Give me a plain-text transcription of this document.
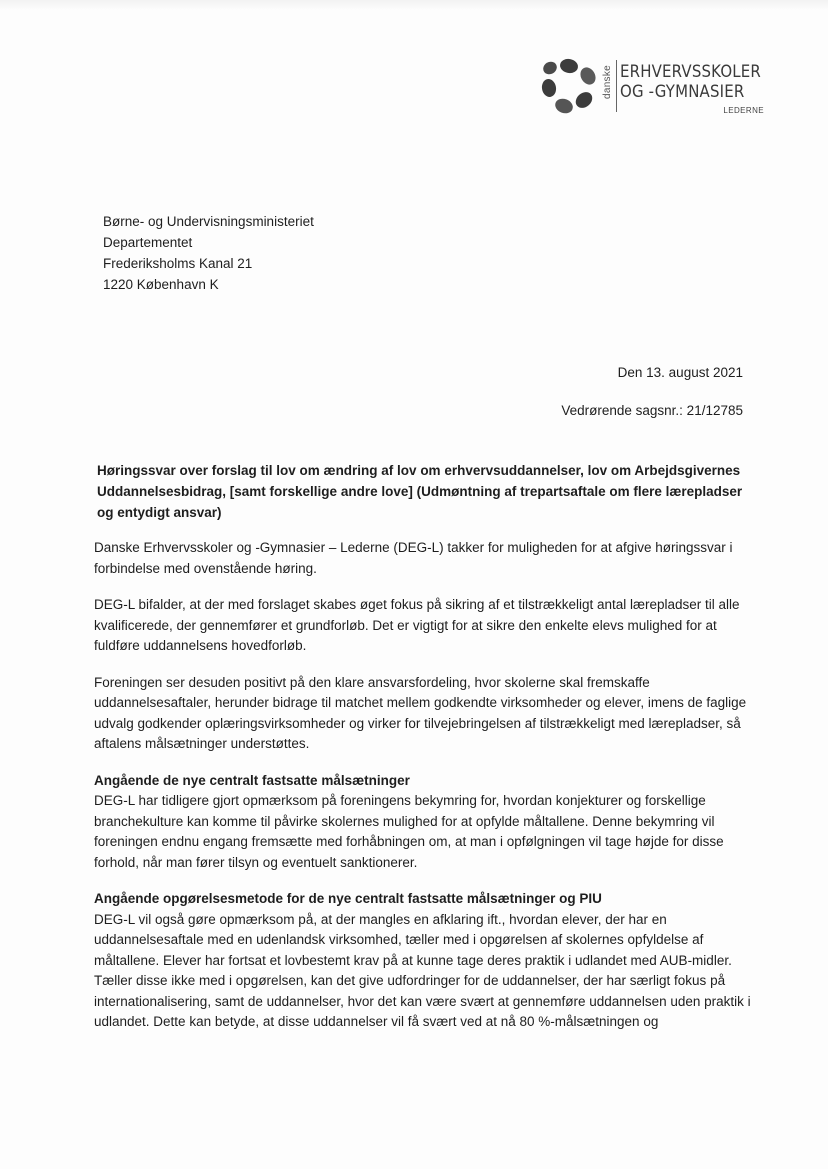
danske ERHVERVSSKOLER
OG -GYMNASIER
LEDERNE
Børne- og Undervisningsministeriet
Departementet
Frederiksholms Kanal 21
1220 København K
Den 13. august 2021
Vedrørende sagsnr.: 21/12785
Høringssvar over forslag til lov om ændring af lov om erhvervsuddannelser, lov om Arbejdsgivernes Uddannelsesbidrag, [samt forskellige andre love] (Udmøntning af trepartsaftale om flere lærepladser og entydigt ansvar)

Danske Erhvervsskoler og -Gymnasier – Lederne (DEG-L) takker for muligheden for at afgive høringssvar i forbindelse med ovenstående høring.

DEG-L bifalder, at der med forslaget skabes øget fokus på sikring af et tilstrækkeligt antal lærepladser til alle kvalificerede, der gennemfører et grundforløb. Det er vigtigt for at sikre den enkelte elevs mulighed for at fuldføre uddannelsens hovedforløb.

Foreningen ser desuden positivt på den klare ansvarsfordeling, hvor skolerne skal fremskaffe uddannelsesaftaler, herunder bidrage til matchet mellem godkendte virksomheder og elever, imens de faglige udvalg godkender oplæringsvirksomheder og virker for tilvejebringelsen af tilstrækkeligt med lærepladser, så aftalens målsætninger understøttes.

Angående de nye centralt fastsatte målsætninger

DEG-L har tidligere gjort opmærksom på foreningens bekymring for, hvordan konjekturer og forskellige branchekulture kan komme til påvirke skolernes mulighed for at opfylde måltallene. Denne bekymring vil foreningen endnu engang fremsætte med forhåbningen om, at man i opfølgningen vil tage højde for disse forhold, når man fører tilsyn og eventuelt sanktionerer.

Angående opgørelsesmetode for de nye centralt fastsatte målsætninger og PIU

DEG-L vil også gøre opmærksom på, at der mangles en afklaring ift., hvordan elever, der har en uddannelsesaftale med en udenlandsk virksomhed, tæller med i opgørelsen af skolernes opfyldelse af måltallene. Elever har fortsat et lovbestemt krav på at kunne tage deres praktik i udlandet med AUB-midler. Tæller disse ikke med i opgørelsen, kan det give udfordringer for de uddannelser, der har særligt fokus på internationalisering, samt de uddannelser, hvor det kan være svært at gennemføre uddannelsen uden praktik i udlandet. Dette kan betyde, at disse uddannelser vil få svært ved at nå 80 %-målsætningen og
